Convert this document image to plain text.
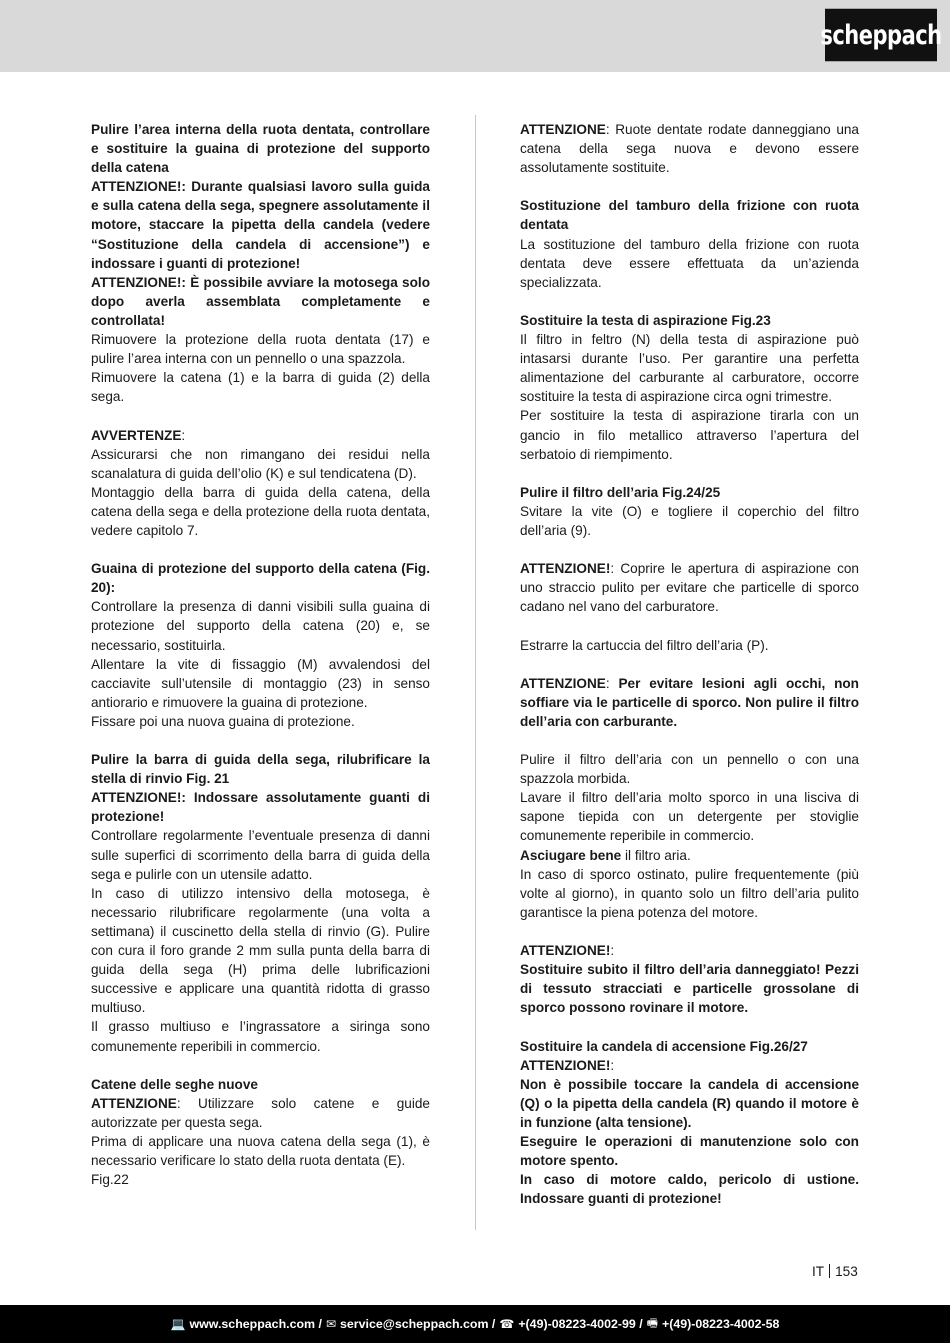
scheppach

Pulire l’area interna della ruota dentata, controllare e sostituire la guaina di protezione del supporto della catena

ATTENZIONE!: Durante qualsiasi lavoro sulla guida e sulla catena della sega, spegnere assolutamente il motore, staccare la pipetta della candela (vedere “Sostituzione della candela di accensione”) e indossare i guanti di protezione!

ATTENZIONE!: È possibile avviare la motosega solo dopo averla assemblata completamente e controllata!

Rimuovere la protezione della ruota dentata (17) e pulire l’area interna con un pennello o una spazzola.

Rimuovere la catena (1) e la barra di guida (2) della sega.

AVVERTENZE:

Assicurarsi che non rimangano dei residui nella scanalatura di guida dell’olio (K) e sul tendicatena (D).

Montaggio della barra di guida della catena, della catena della sega e della protezione della ruota dentata, vedere capitolo 7.

Guaina di protezione del supporto della catena (Fig. 20):

Controllare la presenza di danni visibili sulla guaina di protezione del supporto della catena (20) e, se necessario, sostituirla.

Allentare la vite di fissaggio (M) avvalendosi del cacciavite sull’utensile di montaggio (23) in senso antiorario e rimuovere la guaina di protezione.

Fissare poi una nuova guaina di protezione.

Pulire la barra di guida della sega, rilubrificare la stella di rinvio Fig. 21

ATTENZIONE!: Indossare assolutamente guanti di protezione!

Controllare regolarmente l’eventuale presenza di danni sulle superfici di scorrimento della barra di guida della sega e pulirle con un utensile adatto.

In caso di utilizzo intensivo della motosega, è necessario rilubrificare regolarmente (una volta a settimana) il cuscinetto della stella di rinvio (G). Pulire con cura il foro grande 2 mm sulla punta della barra di guida della sega (H) prima delle lubrificazioni successive e applicare una quantità ridotta di grasso multiuso.

Il grasso multiuso e l’ingrassatore a siringa sono comunemente reperibili in commercio.

Catene delle seghe nuove

ATTENZIONE: Utilizzare solo catene e guide autorizzate per questa sega.

Prima di applicare una nuova catena della sega (1), è necessario verificare lo stato della ruota dentata (E).

Fig.22

ATTENZIONE: Ruote dentate rodate danneggiano una catena della sega nuova e devono essere assolutamente sostituite.

Sostituzione del tamburo della frizione con ruota dentata

La sostituzione del tamburo della frizione con ruota dentata deve essere effettuata da un’azienda specializzata.

Sostituire la testa di aspirazione Fig.23

Il filtro in feltro (N) della testa di aspirazione può intasarsi durante l’uso. Per garantire una perfetta alimentazione del carburante al carburatore, occorre sostituire la testa di aspirazione circa ogni trimestre.

Per sostituire la testa di aspirazione tirarla con un gancio in filo metallico attraverso l’apertura del serbatoio di riempimento.

Pulire il filtro dell’aria Fig.24/25

Svitare la vite (O) e togliere il coperchio del filtro dell’aria (9).

ATTENZIONE!: Coprire le apertura di aspirazione con uno straccio pulito per evitare che particelle di sporco cadano nel vano del carburatore.

Estrarre la cartuccia del filtro dell’aria (P).

ATTENZIONE: Per evitare lesioni agli occhi, non soffiare via le particelle di sporco. Non pulire il filtro dell’aria con carburante.

Pulire il filtro dell’aria con un pennello o con una spazzola morbida.

Lavare il filtro dell’aria molto sporco in una lisciva di sapone tiepida con un detergente per stoviglie comunemente reperibile in commercio.

Asciugare bene il filtro aria.

In caso di sporco ostinato, pulire frequentemente (più volte al giorno), in quanto solo un filtro dell’aria pulito garantisce la piena potenza del motore.

ATTENZIONE!:

Sostituire subito il filtro dell’aria danneggiato! Pezzi di tessuto stracciati e particelle grossolane di sporco possono rovinare il motore.

Sostituire la candela di accensione Fig.26/27

ATTENZIONE!:

Non è possibile toccare la candela di accensione (Q) o la pipetta della candela (R) quando il motore è in funzione (alta tensione).

Eseguire le operazioni di manutenzione solo con motore spento.

In caso di motore caldo, pericolo di ustione. Indossare guanti di protezione!

IT 153
💻 www.scheppach.com / ✉ service@scheppach.com / ☎ +(49)-08223-4002-99 / 🖷 +(49)-08223-4002-58
